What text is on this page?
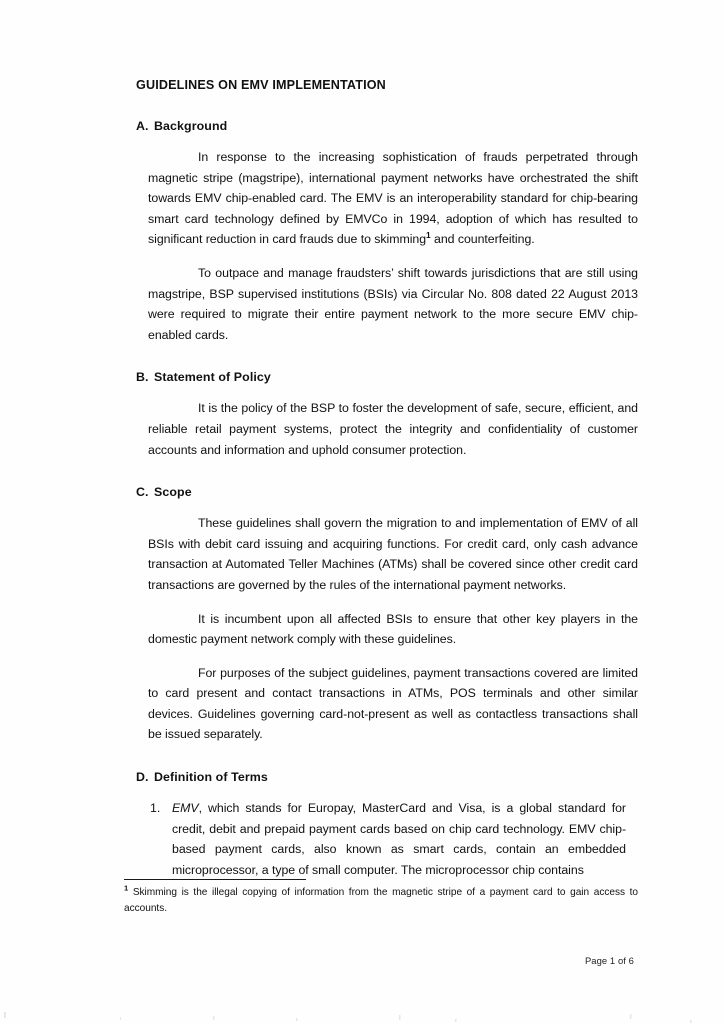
GUIDELINES ON EMV IMPLEMENTATION
A. Background

In response to the increasing sophistication of frauds perpetrated through magnetic stripe (magstripe), international payment networks have orchestrated the shift towards EMV chip-enabled card. The EMV is an interoperability standard for chip-bearing smart card technology defined by EMVCo in 1994, adoption of which has resulted to significant reduction in card frauds due to skimming$^1$ and counterfeiting.

To outpace and manage fraudsters’ shift towards jurisdictions that are still using magstripe, BSP supervised institutions (BSIs) via Circular No. 808 dated 22 August 2013 were required to migrate their entire payment network to the more secure EMV chip-enabled cards.

B. Statement of Policy

It is the policy of the BSP to foster the development of safe, secure, efficient, and reliable retail payment systems, protect the integrity and confidentiality of customer accounts and information and uphold consumer protection.

C. Scope

These guidelines shall govern the migration to and implementation of EMV of all BSIs with debit card issuing and acquiring functions. For credit card, only cash advance transaction at Automated Teller Machines (ATMs) shall be covered since other credit card transactions are governed by the rules of the international payment networks.

It is incumbent upon all affected BSIs to ensure that other key players in the domestic payment network comply with these guidelines.

For purposes of the subject guidelines, payment transactions covered are limited to card present and contact transactions in ATMs, POS terminals and other similar devices. Guidelines governing card-not-present as well as contactless transactions shall be issued separately.

D. Definition of Terms
1. EMV, which stands for Europay, MasterCard and Visa, is a global standard for credit, debit and prepaid payment cards based on chip card technology. EMV chip-based payment cards, also known as smart cards, contain an embedded microprocessor, a type of small computer. The microprocessor chip contains

$^1$ Skimming is the illegal copying of information from the magnetic stripe of a payment card to gain access to accounts.

Page 1 of 6
